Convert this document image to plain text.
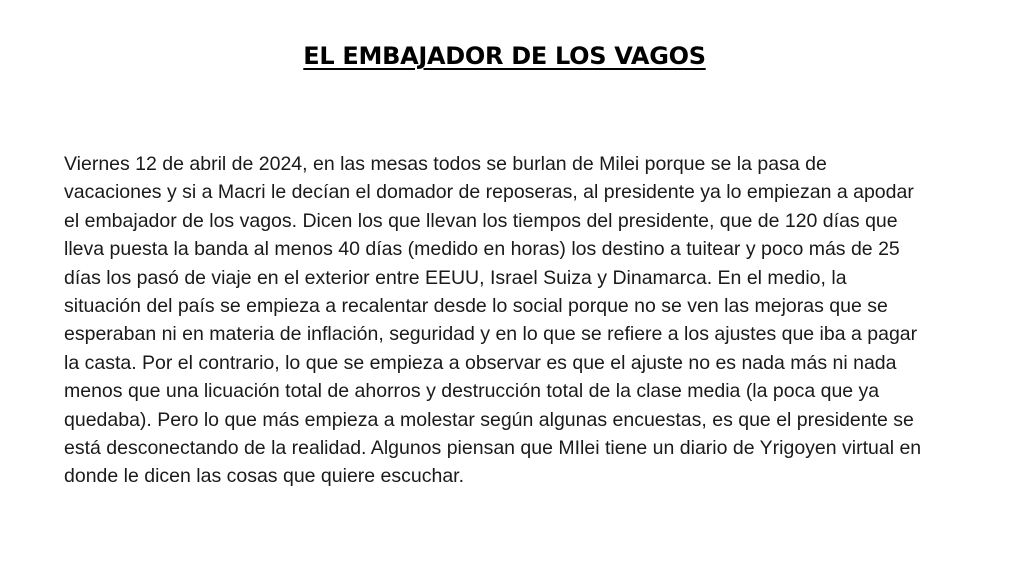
EL EMBAJADOR DE LOS VAGOS

Viernes 12 de abril de 2024, en las mesas todos se burlan de Milei porque se la pasa de vacaciones y si a Macri le decían el domador de reposeras, al presidente ya lo empiezan a apodar el embajador de los vagos. Dicen los que llevan los tiempos del presidente, que de 120 días que lleva puesta la banda al menos 40 días (medido en horas) los destino a tuitear y poco más de 25 días los pasó de viaje en el exterior entre EEUU, Israel Suiza y Dinamarca. En el medio, la situación del país se empieza a recalentar desde lo social porque no se ven las mejoras que se esperaban ni en materia de inflación, seguridad y en lo que se refiere a los ajustes que iba a pagar la casta. Por el contrario, lo que se empieza a observar es que el ajuste no es nada más ni nada menos que una licuación total de ahorros y destrucción total de la clase media (la poca que ya quedaba). Pero lo que más empieza a molestar según algunas encuestas, es que el presidente se está desconectando de la realidad. Algunos piensan que MIlei tiene un diario de Yrigoyen virtual en donde le dicen las cosas que quiere escuchar.
